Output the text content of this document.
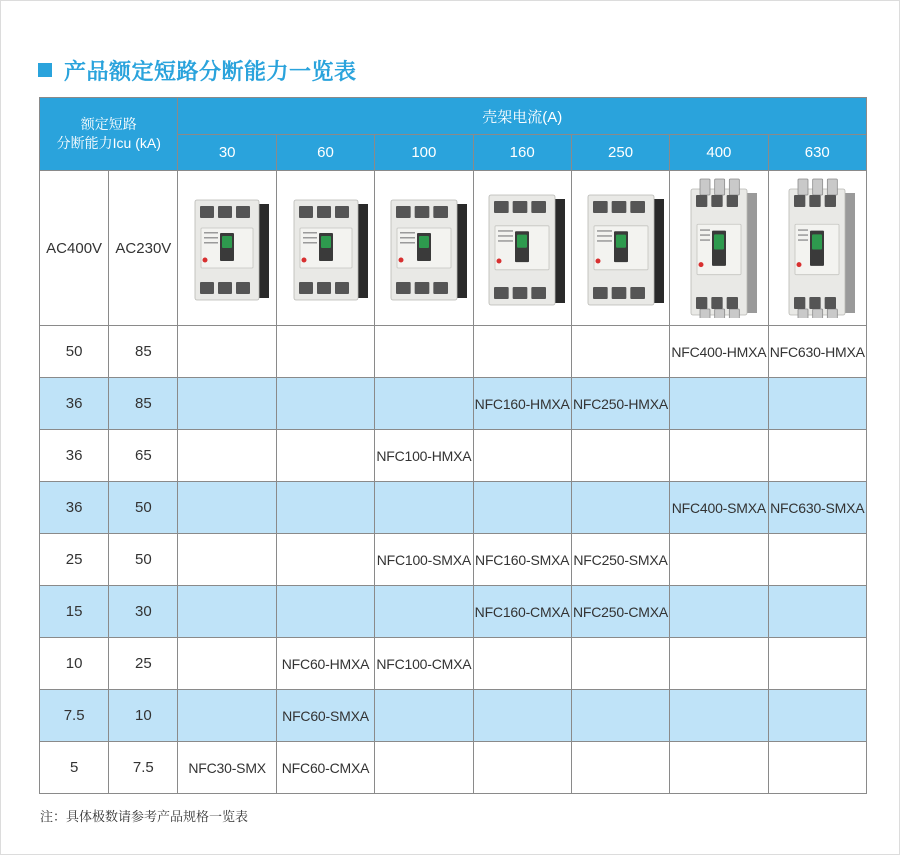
产品额定短路分断能力一览表
额定短路
分断能力Icu (kA)		壳架电流(A)						
		30	60	100	160	250	400	630
AC400V	AC230V	

50	85						NFC400-HMXA	NFC630-HMXA
36	85				NFC160-HMXA	NFC250-HMXA		
36	65			NFC100-HMXA				
36	50						NFC400-SMXA	NFC630-SMXA
25	50			NFC100-SMXA	NFC160-SMXA	NFC250-SMXA		
15	30				NFC160-CMXA	NFC250-CMXA		
10	25		NFC60-HMXA	NFC100-CMXA				
7.5	10		NFC60-SMXA					
5	7.5	NFC30-SMX	NFC60-CMXA					
注：具体极数请参考产品规格一览表
